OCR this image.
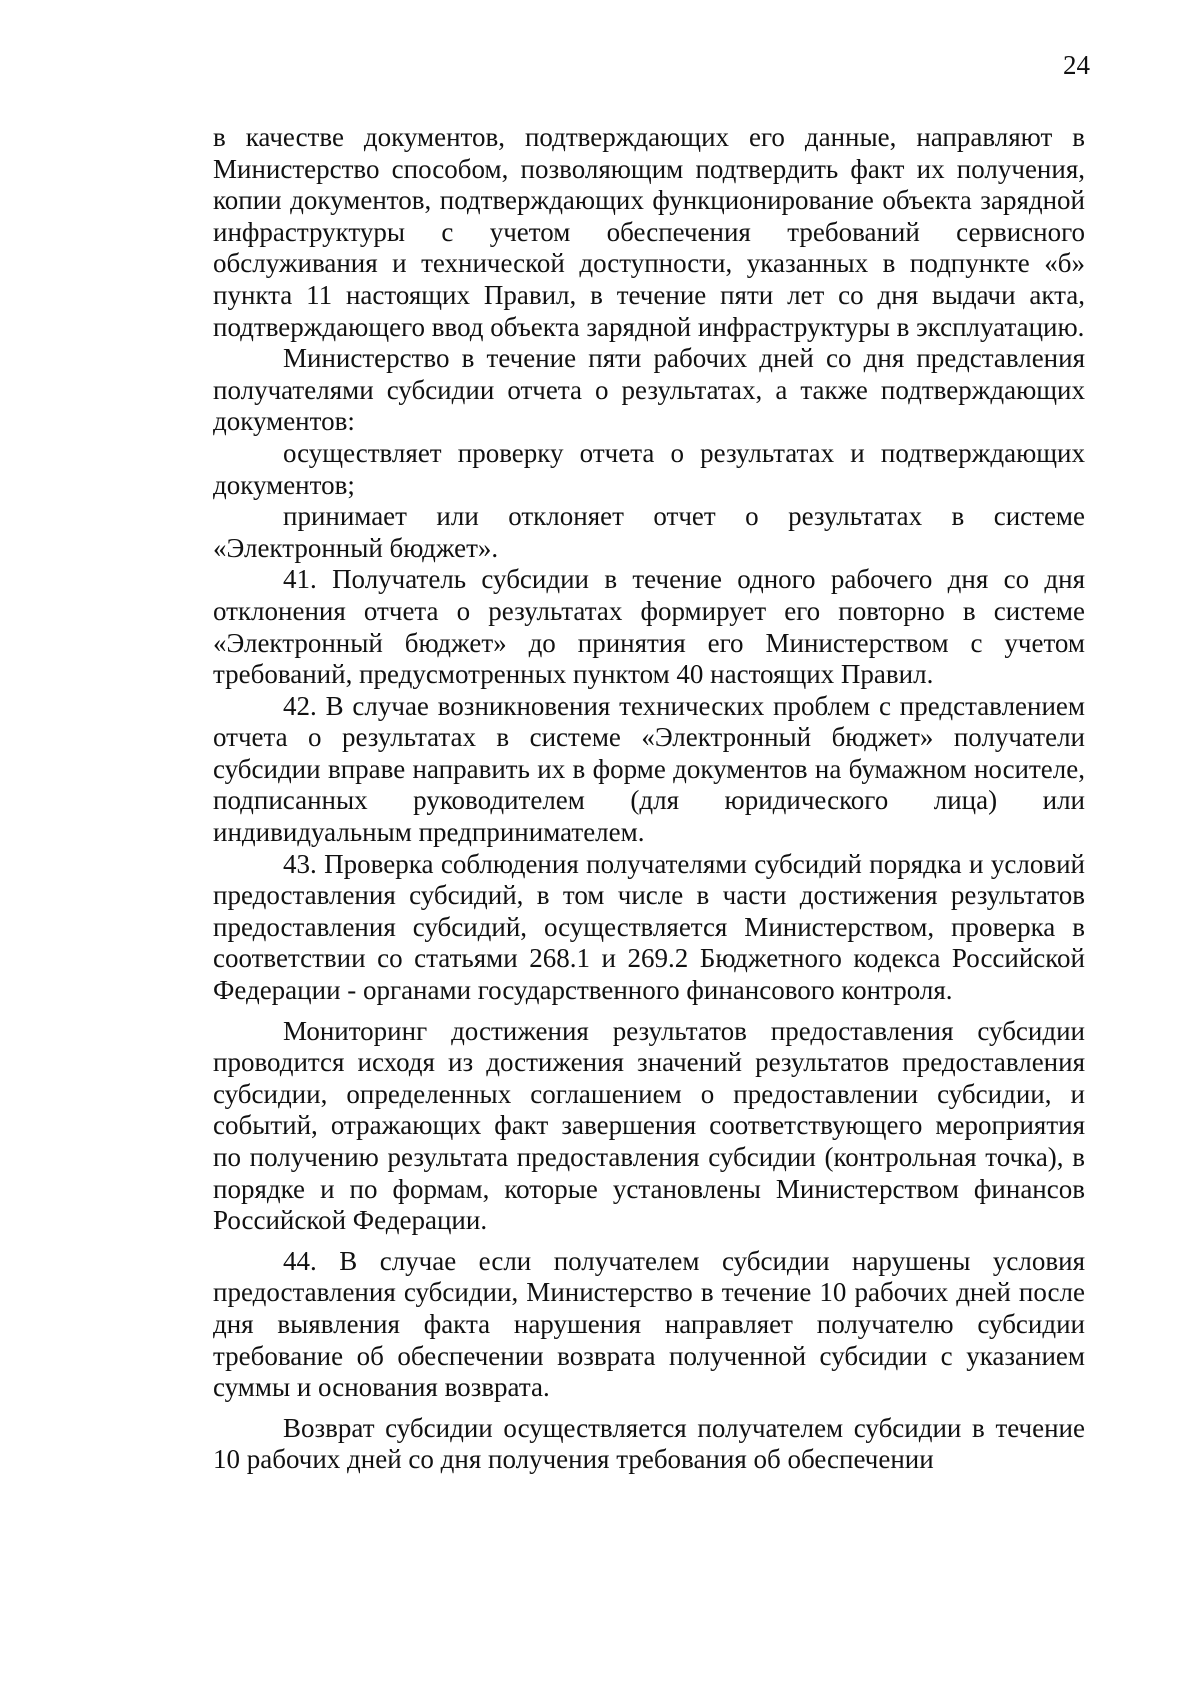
24

в качестве документов, подтверждающих его данные, направляют в Министерство способом, позволяющим подтвердить факт их получения, копии документов, подтверждающих функционирование объекта зарядной инфраструктуры с учетом обеспечения требований сервисного обслуживания и технической доступности, указанных в подпункте «б» пункта 11 настоящих Правил, в течение пяти лет со дня выдачи акта, подтверждающего ввод объекта зарядной инфраструктуры в эксплуатацию.

Министерство в течение пяти рабочих дней со дня представления получателями субсидии отчета о результатах, а также подтверждающих документов:

осуществляет проверку отчета о результатах и подтверждающих документов;

принимает или отклоняет отчет о результатах в системе «Электронный бюджет».

41. Получатель субсидии в течение одного рабочего дня со дня отклонения отчета о результатах формирует его повторно в системе «Электронный бюджет» до принятия его Министерством с учетом требований, предусмотренных пунктом 40 настоящих Правил.

42. В случае возникновения технических проблем с представлением отчета о результатах в системе «Электронный бюджет» получатели субсидии вправе направить их в форме документов на бумажном носителе, подписанных руководителем (для юридического лица) или индивидуальным предпринимателем.

43. Проверка соблюдения получателями субсидий порядка и условий предоставления субсидий, в том числе в части достижения результатов предоставления субсидий, осуществляется Министерством, проверка в соответствии со статьями 268.1 и 269.2 Бюджетного кодекса Российской Федерации - органами государственного финансового контроля.

Мониторинг достижения результатов предоставления субсидии проводится исходя из достижения значений результатов предоставления субсидии, определенных соглашением о предоставлении субсидии, и событий, отражающих факт завершения соответствующего мероприятия по получению результата предоставления субсидии (контрольная точка), в порядке и по формам, которые установлены Министерством финансов Российской Федерации.

44. В случае если получателем субсидии нарушены условия предоставления субсидии, Министерство в течение 10 рабочих дней после дня выявления факта нарушения направляет получателю субсидии требование об обеспечении возврата полученной субсидии с указанием суммы и основания возврата.

Возврат субсидии осуществляется получателем субсидии в течение 10 рабочих дней со дня получения требования об обеспечении
